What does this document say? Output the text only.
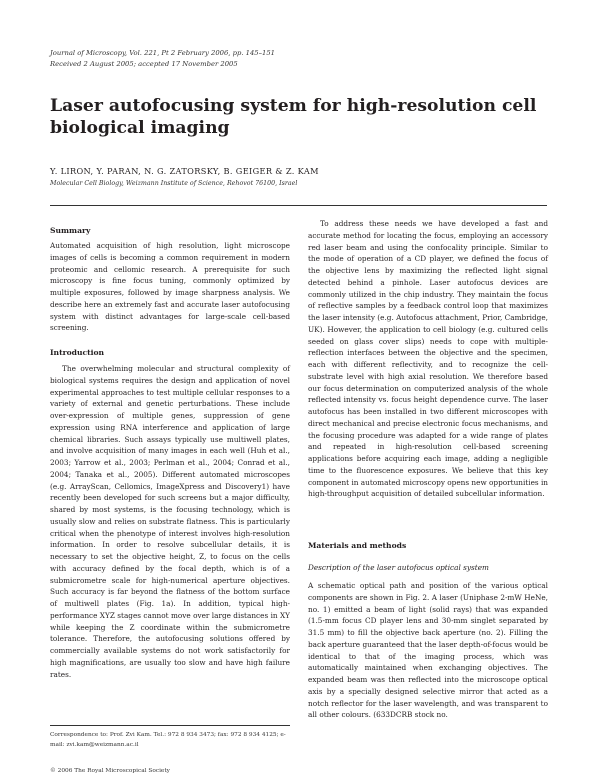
Journal of Microscopy, Vol. 221, Pt 2 February 2006, pp. 145–151
Received 2 August 2005; accepted 17 November 2005
Laser autofocusing system for high-resolution cell biological imaging
Y. LIRON, Y. PARAN, N. G. ZATORSKY, B. GEIGER & Z. KAM
Molecular Cell Biology, Weizmann Institute of Science, Rehovot 76100, Israel
Summary
Automated acquisition of high resolution, light microscope images of cells is becoming a common requirement in modern proteomic and cellomic research. A prerequisite for such microscopy is fine focus tuning, commonly optimized by multiple exposures, followed by image sharpness analysis. We describe here an extremely fast and accurate laser autofocusing system with distinct advantages for large-scale cell-based screening.
Introduction
The overwhelming molecular and structural complexity of biological systems requires the design and application of novel experimental approaches to test multiple cellular responses to a variety of external and genetic perturbations. These include over-expression of multiple genes, suppression of gene expression using RNA interference and application of large chemical libraries. Such assays typically use multiwell plates, and involve acquisition of many images in each well (Huh et al., 2003; Yarrow et al., 2003; Perlman et al., 2004; Conrad et al., 2004; Tanaka et al., 2005). Different automated microscopes (e.g. ArrayScan, Cellomics, ImageXpress and Discovery1) have recently been developed for such screens but a major difficulty, shared by most systems, is the focusing technology, which is usually slow and relies on substrate flatness. This is particularly critical when the phenotype of interest involves high-resolution information. In order to resolve subcellular details, it is necessary to set the objective height, Z, to focus on the cells with accuracy defined by the focal depth, which is of a submicrometre scale for high-numerical aperture objectives. Such accuracy is far beyond the flatness of the bottom surface of multiwell plates (Fig. 1a). In addition, typical high-performance XYZ stages cannot move over large distances in XY while keeping the Z coordinate within the submicrometre tolerance. Therefore, the autofocusing solutions offered by commercially available systems do not work satisfactorily for high magnifications, are usually too slow and have high failure rates.
Correspondence to: Prof. Zvi Kam. Tel.: 972 8 934 3473; fax: 972 8 934 4125; e-mail: zvi.kam@weizmann.ac.il
© 2006 The Royal Microscopical Society
To address these needs we have developed a fast and accurate method for locating the focus, employing an accessory red laser beam and using the confocality principle. Similar to the mode of operation of a CD player, we defined the focus of the objective lens by maximizing the reflected light signal detected behind a pinhole. Laser autofocus devices are commonly utilized in the chip industry. They maintain the focus of reflective samples by a feedback control loop that maximizes the laser intensity (e.g. Autofocus attachment, Prior, Cambridge, UK). However, the application to cell biology (e.g. cultured cells seeded on glass cover slips) needs to cope with multiple-reflection interfaces between the objective and the specimen, each with different reflectivity, and to recognize the cell-substrate level with high axial resolution. We therefore based our focus determination on computerized analysis of the whole reflected intensity vs. focus height dependence curve. The laser autofocus has been installed in two different microscopes with direct mechanical and precise electronic focus mechanisms, and the focusing procedure was adapted for a wide range of plates and repeated in high-resolution cell-based screening applications before acquiring each image, adding a negligible time to the fluorescence exposures. We believe that this key component in automated microscopy opens new opportunities in high-throughput acquisition of detailed subcellular information.
Materials and methods
Description of the laser autofocus optical system
A schematic optical path and position of the various optical components are shown in Fig. 2. A laser (Uniphase 2-mW HeNe, no. 1) emitted a beam of light (solid rays) that was expanded (1.5-mm focus CD player lens and 30-mm singlet separated by 31.5 mm) to fill the objective back aperture (no. 2). Filling the back aperture guaranteed that the laser depth-of-focus would be identical to that of the imaging process, which was automatically maintained when exchanging objectives. The expanded beam was then reflected into the microscope optical axis by a specially designed selective mirror that acted as a notch reflector for the laser wavelength, and was transparent to all other colours. (633DCRB stock no.
